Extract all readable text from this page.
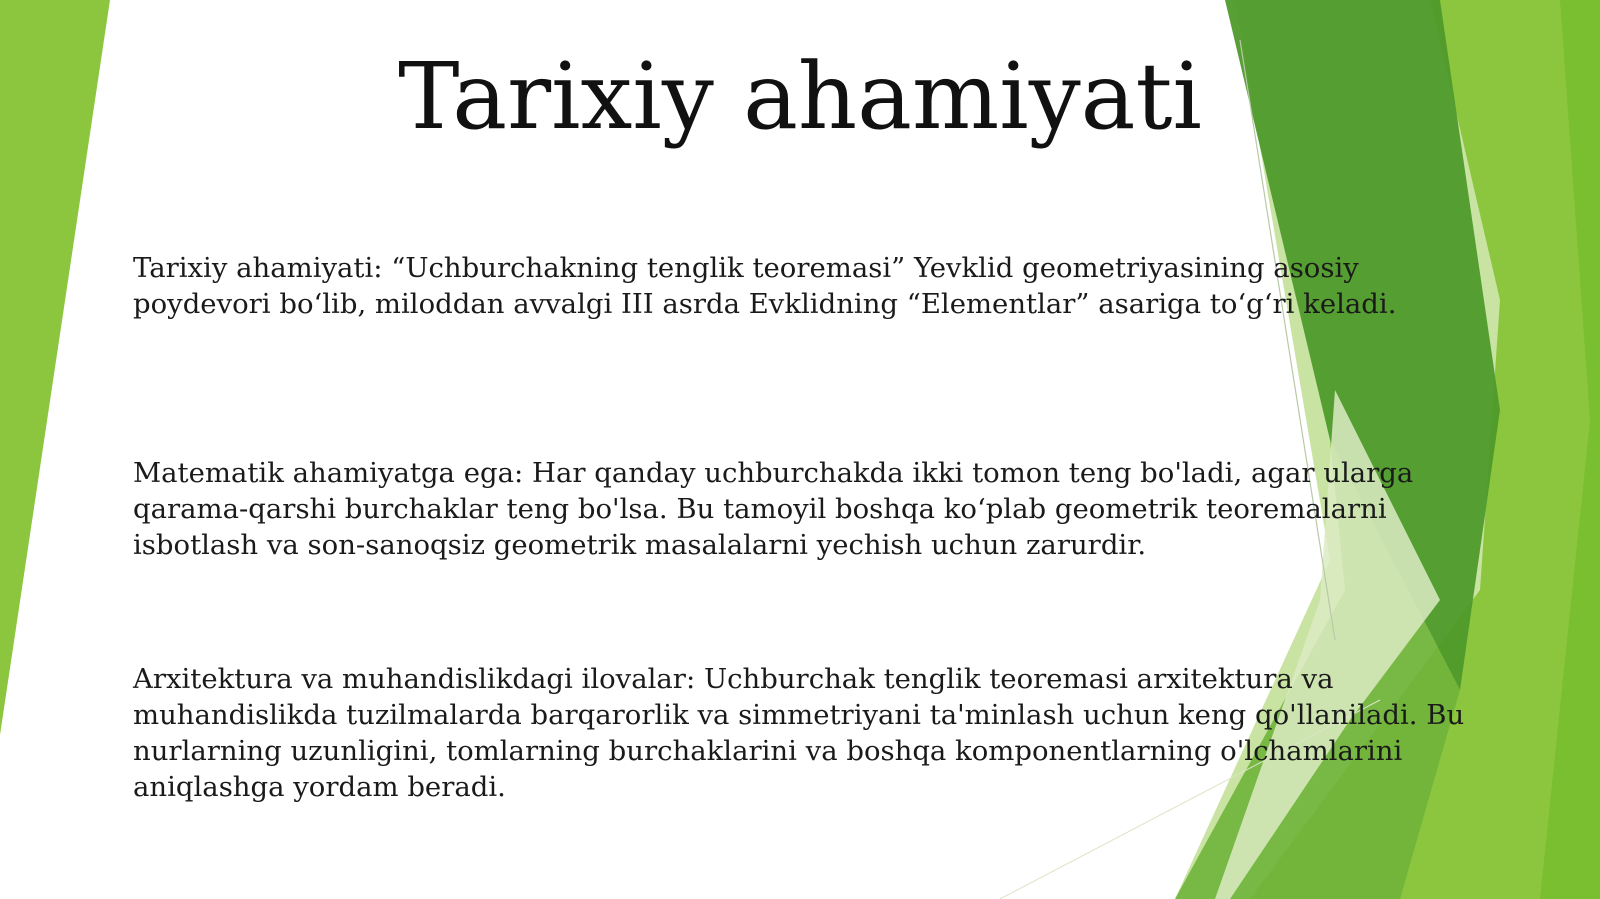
Tarixiy ahamiyati

Tarixiy ahamiyati: “Uchburchakning tenglik teoremasi” Yevklid geometriyasining asosiy
poydevori bo‘lib, miloddan avvalgi III asrda Evklidning “Elementlar” asariga to‘g‘ri keladi.

Matematik ahamiyatga ega: Har qanday uchburchakda ikki tomon teng bo'ladi, agar ularga
qarama-qarshi burchaklar teng bo'lsa. Bu tamoyil boshqa ko‘plab geometrik teoremalarni
isbotlash va son-sanoqsiz geometrik masalalarni yechish uchun zarurdir.

Arxitektura va muhandislikdagi ilovalar: Uchburchak tenglik teoremasi arxitektura va
muhandislikda tuzilmalarda barqarorlik va simmetriyani ta'minlash uchun keng qo'llaniladi. Bu
nurlarning uzunligini, tomlarning burchaklarini va boshqa komponentlarning o'lchamlarini
aniqlashga yordam beradi.
